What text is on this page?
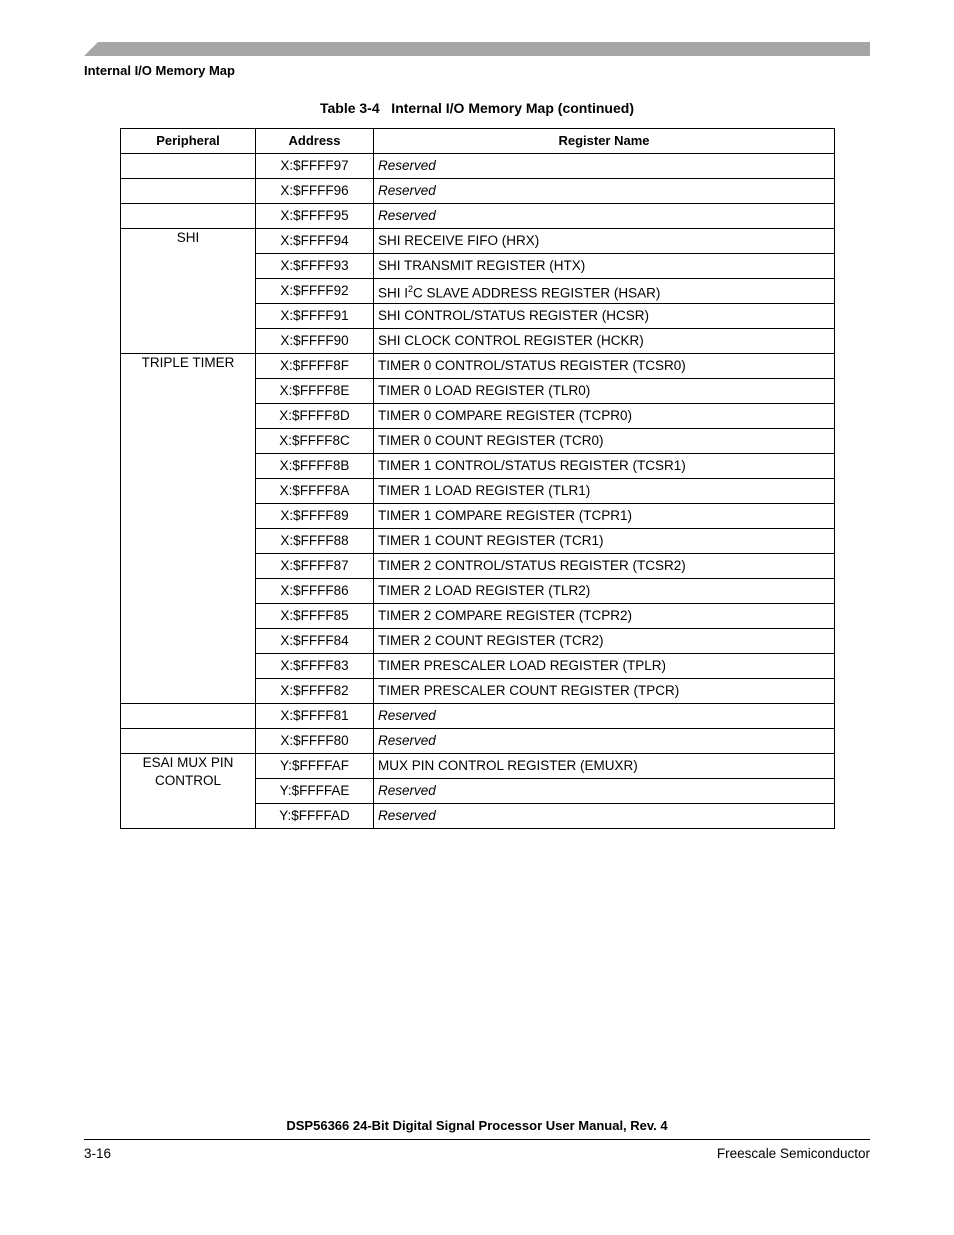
Internal I/O Memory Map
Table 3-4   Internal I/O Memory Map (continued)
Peripheral	Address	Register Name
	X:$FFFF97	Reserved
	X:$FFFF96	Reserved
	X:$FFFF95	Reserved
SHI	X:$FFFF94	SHI RECEIVE FIFO (HRX)
	X:$FFFF93	SHI TRANSMIT REGISTER (HTX)
	X:$FFFF92	SHI $I^2C$ SLAVE ADDRESS REGISTER (HSAR)
	X:$FFFF91	SHI CONTROL/STATUS REGISTER (HCSR)
	X:$FFFF90	SHI CLOCK CONTROL REGISTER (HCKR)
TRIPLE TIMER	X:$FFFF8F	TIMER 0 CONTROL/STATUS REGISTER (TCSR0)
	X:$FFFF8E	TIMER 0 LOAD REGISTER (TLR0)
	X:$FFFF8D	TIMER 0 COMPARE REGISTER (TCPR0)
	X:$FFFF8C	TIMER 0 COUNT REGISTER (TCR0)
	X:$FFFF8B	TIMER 1 CONTROL/STATUS REGISTER (TCSR1)
	X:$FFFF8A	TIMER 1 LOAD REGISTER (TLR1)
	X:$FFFF89	TIMER 1 COMPARE REGISTER (TCPR1)
	X:$FFFF88	TIMER 1 COUNT REGISTER (TCR1)
	X:$FFFF87	TIMER 2 CONTROL/STATUS REGISTER (TCSR2)
	X:$FFFF86	TIMER 2 LOAD REGISTER (TLR2)
	X:$FFFF85	TIMER 2 COMPARE REGISTER (TCPR2)
	X:$FFFF84	TIMER 2 COUNT REGISTER (TCR2)
	X:$FFFF83	TIMER PRESCALER LOAD REGISTER (TPLR)
	X:$FFFF82	TIMER PRESCALER COUNT REGISTER (TPCR)
	X:$FFFF81	Reserved
	X:$FFFF80	Reserved
ESAI MUX PIN
CONTROL	Y:$FFFFAF	MUX PIN CONTROL REGISTER (EMUXR)
	Y:$FFFFAE	Reserved
	Y:$FFFFAD	Reserved
DSP56366 24-Bit Digital Signal Processor User Manual, Rev. 4
3-16	Freescale Semiconductor
